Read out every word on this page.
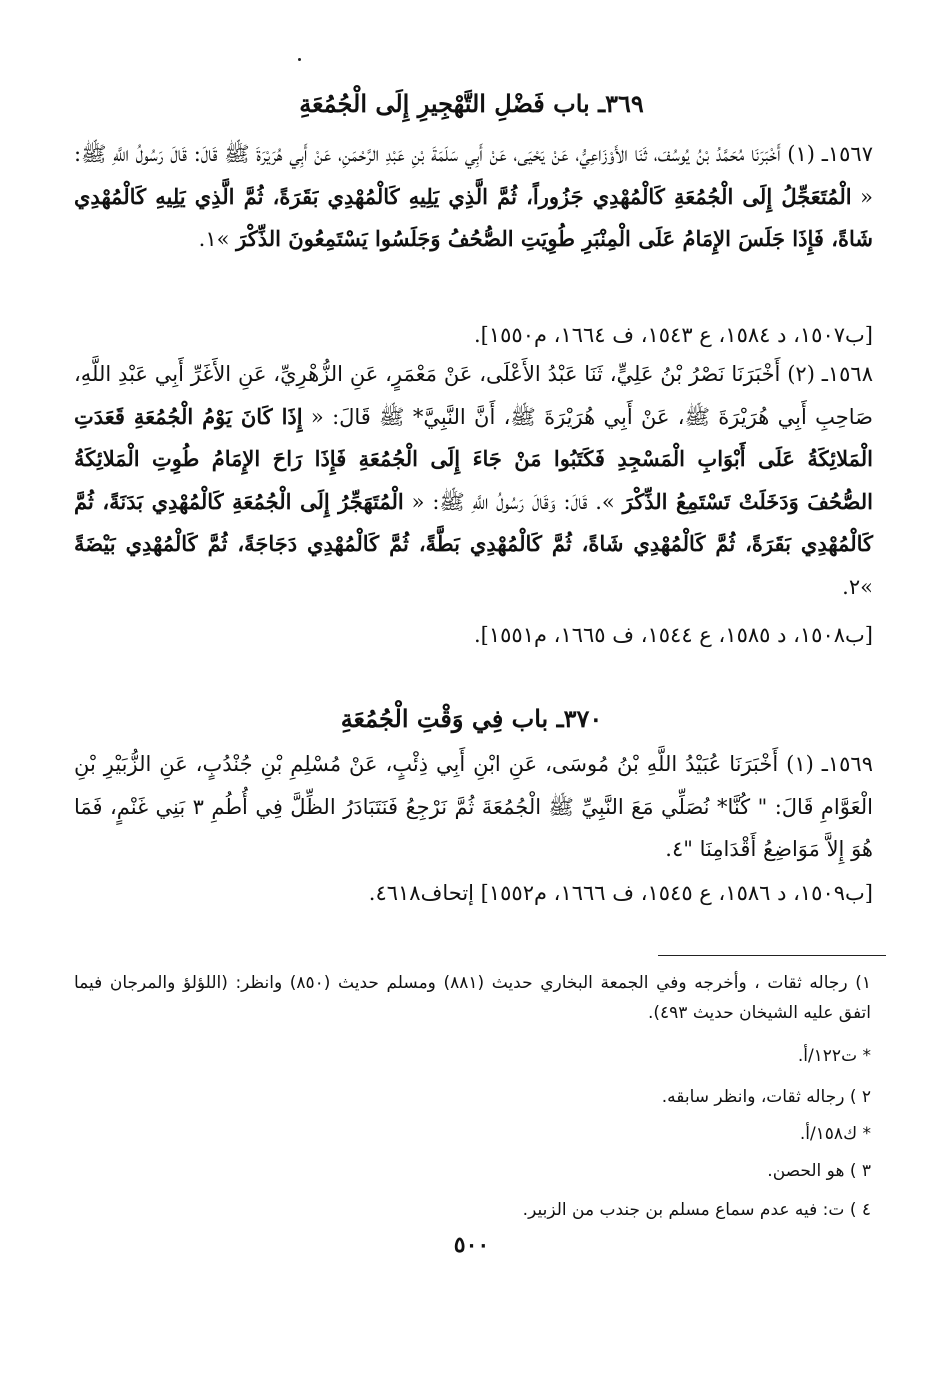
٣٦٩ـ باب فَضْلِ التَّهْجِيرِ إِلَى الْجُمُعَةِ
١٥٦٧ـ (١) أَخْبَرَنَا مُحَمَّدُ بْنُ يُوسُفَ، ثَنَا الأَوْزَاعِيُّ، عَنْ يَحْيَى، عَنْ أَبِي سَلَمَةَ بْنِ عَبْدِ الرَّحْمَنِ، عَنْ أَبِي هُرَيْرَةَ ﷺ قَالَ: قَالَ رَسُولُ اللَّهِ ﷺ: « الْمُتَعَجِّلُ إِلَى الْجُمُعَةِ كَالْمُهْدِي جَزُوراً، ثُمَّ الَّذِي يَلِيهِ كَالْمُهْدِي بَقَرَةً، ثُمَّ الَّذِي يَلِيهِ كَالْمُهْدِي شَاةً، فَإِذَا جَلَسَ الإِمَامُ عَلَى الْمِنْبَرِ طُوِيَتِ الصُّحُفُ وَجَلَسُوا يَسْتَمِعُونَ الذِّكْرَ »١.
[ب١٥٠٧، د ١٥٨٤، ع ١٥٤٣، ف ١٦٦٤، م١٥٥٠].
١٥٦٨ـ (٢) أَخْبَرَنَا نَصْرُ بْنُ عَلِيٍّ، ثَنَا عَبْدُ الأَعْلَى، عَنْ مَعْمَرٍ، عَنِ الزُّهْرِيِّ، عَنِ الأَغَرِّ أَبِي عَبْدِ اللَّهِ، صَاحِبِ أَبِي هُرَيْرَةَ ﷺ، عَنْ أَبِي هُرَيْرَةَ ﷺ، أَنَّ النَّبِيَّ* ﷺ قَالَ: « إِذَا كَانَ يَوْمُ الْجُمُعَةِ قَعَدَتِ الْمَلائِكَةُ عَلَى أَبْوَابِ الْمَسْجِدِ فَكَتَبُوا مَنْ جَاءَ إِلَى الْجُمُعَةِ فَإِذَا رَاحَ الإِمَامُ طُوِتِ الْمَلائِكَةُ الصُّحُفَ وَدَخَلَتْ تَسْتَمِعُ الذِّكْرَ ». قَالَ: وَقَالَ رَسُولُ اللَّهِ ﷺ: « الْمُتَهَجِّرُ إِلَى الْجُمُعَةِ كَالْمُهْدِي بَدَنَةً، ثُمَّ كَالْمُهْدِي بَقَرَةً، ثُمَّ كَالْمُهْدِي شَاةً، ثُمَّ كَالْمُهْدِي بَطَّةً، ثُمَّ كَالْمُهْدِي دَجَاجَةً، ثُمَّ كَالْمُهْدِي بَيْضَةً »٢.
[ب١٥٠٨، د ١٥٨٥، ع ١٥٤٤، ف ١٦٦٥، م١٥٥١].
٣٧٠ـ باب فِي وَقْتِ الْجُمُعَةِ
١٥٦٩ـ (١) أَخْبَرَنَا عُبَيْدُ اللَّهِ بْنُ مُوسَى، عَنِ ابْنِ أَبِي ذِئْبٍ، عَنْ مُسْلِمِ بْنِ جُنْدُبٍ، عَنِ الزُّبَيْرِ بْنِ الْعَوَّامِ قَالَ: " كُنَّا* نُصَلِّي مَعَ النَّبِيِّ ﷺ الْجُمُعَةَ ثُمَّ نَرْجِعُ فَنَتَبَادَرُ الظِّلَّ فِي أُطُمِ ٣ بَنِي غَنْمٍ، فَمَا هُوَ إِلاَّ مَوَاضِعُ أَقْدَامِنَا "٤.
[ب١٥٠٩، د ١٥٨٦، ع ١٥٤٥، ف ١٦٦٦، م١٥٥٢] إتحاف٤٦١٨.
١) رجاله ثقات ، وأخرجه وفي الجمعة البخاري حديث (٨٨١) ومسلم حديث (٨٥٠) وانظر: (اللؤلؤ والمرجان فيما اتفق عليه الشيخان حديث ٤٩٣).
* ت١٢٢/أ.
٢ ) رجاله ثقات، وانظر سابقه.
* ك١٥٨/أ.
٣ ) هو الحصن.
٤ ) ت: فيه عدم سماع مسلم بن جندب من الزبير.
٥٠٠
